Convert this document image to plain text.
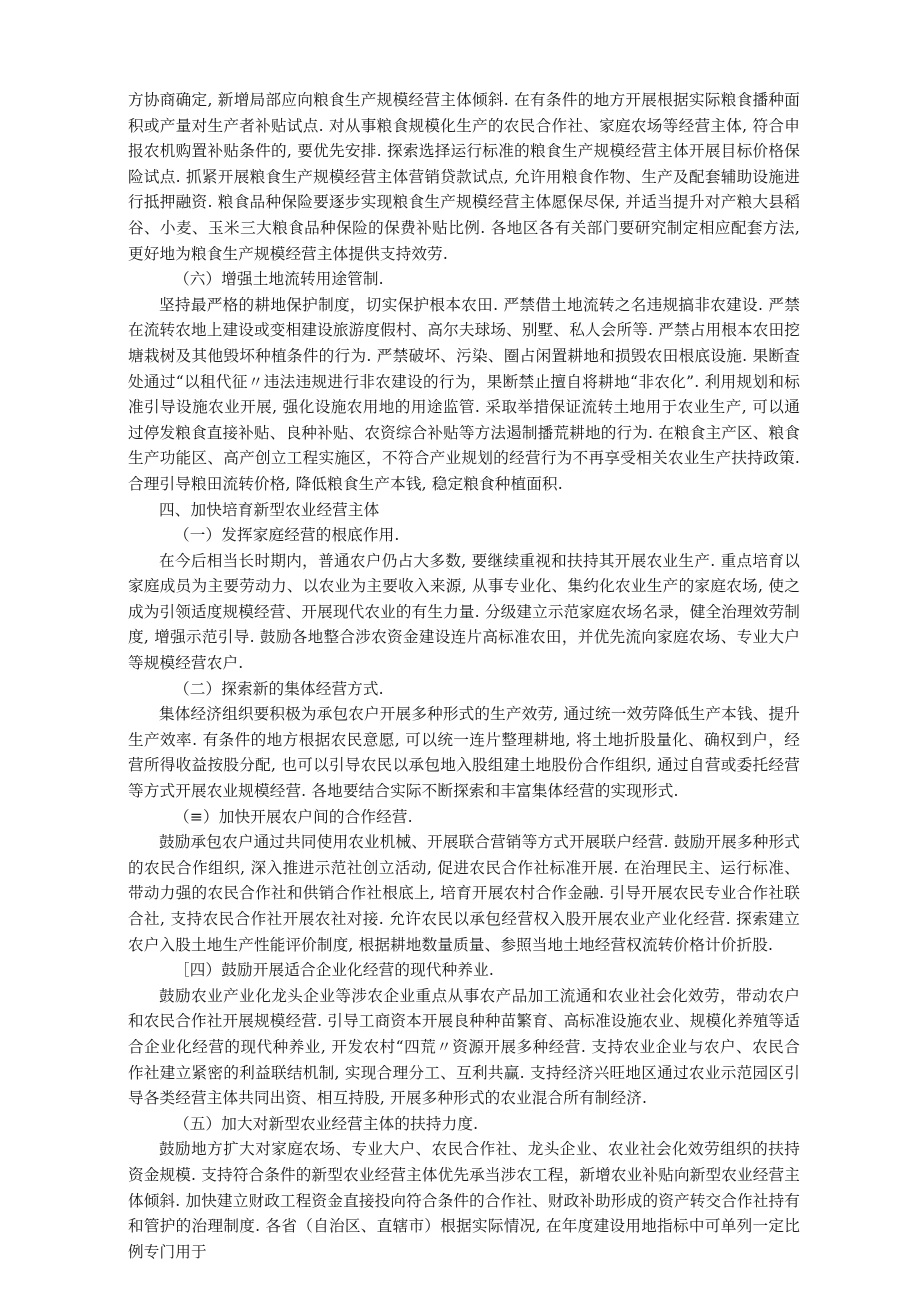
方协商确定, 新增局部应向粮食生产规模经营主体倾斜. 在有条件的地方开展根据实际粮食播种面积或产量对生产者补贴试点. 对从事粮食规模化生产的农民合作社、家庭农场等经营主体, 符合申报农机购置补贴条件的, 要优先安排. 探索选择运行标准的粮食生产规模经营主体开展目标价格保险试点. 抓紧开展粮食生产规模经营主体营销贷款试点, 允许用粮食作物、生产及配套辅助设施进行抵押融资. 粮食品种保险要逐步实现粮食生产规模经营主体愿保尽保, 并适当提升对产粮大县稻谷、小麦、玉米三大粮食品种保险的保费补贴比例. 各地区各有关部门要研究制定相应配套方法, 更好地为粮食生产规模经营主体提供支持效劳.

（六）增强土地流转用途管制.

坚持最严格的耕地保护制度，切实保护根本农田. 严禁借土地流转之名违规搞非农建设. 严禁在流转农地上建设或变相建设旅游度假村、高尔夫球场、别墅、私人会所等. 严禁占用根本农田挖塘栽树及其他毁坏种植条件的行为. 严禁破坏、污染、圈占闲置耕地和损毁农田根底设施. 果断查处通过“以租代征〃违法违规进行非农建设的行为，果断禁止擅自将耕地“非农化”. 利用规划和标准引导设施农业开展, 强化设施农用地的用途监管. 采取举措保证流转土地用于农业生产, 可以通过停发粮食直接补贴、良种补贴、农资综合补贴等方法遏制播荒耕地的行为. 在粮食主产区、粮食生产功能区、高产创立工程实施区，不符合产业规划的经营行为不再享受相关农业生产扶持政策. 合理引导粮田流转价格, 降低粮食生产本钱, 稳定粮食种植面积.

四、加快培育新型农业经营主体

（一）发挥家庭经营的根底作用.

在今后相当长时期内，普通农户仍占大多数, 要继续重视和扶持其开展农业生产. 重点培育以家庭成员为主要劳动力、以农业为主要收入来源, 从事专业化、集约化农业生产的家庭农场, 使之成为引领适度规模经营、开展现代农业的有生力量. 分级建立示范家庭农场名录，健全治理效劳制度, 增强示范引导. 鼓励各地整合涉农资金建设连片高标准农田，并优先流向家庭农场、专业大户等规模经营农户.

（二）探索新的集体经营方式.

集体经济组织要积极为承包农户开展多种形式的生产效劳, 通过统一效劳降低生产本钱、提升生产效率. 有条件的地方根据农民意愿, 可以统一连片整理耕地, 将土地折股量化、确权到户，经营所得收益按股分配, 也可以引导农民以承包地入股组建土地股份合作组织, 通过自营或委托经营等方式开展农业规模经营. 各地要结合实际不断探索和丰富集体经营的实现形式.

（≡）加快开展农户间的合作经营.

鼓励承包农户通过共同使用农业机械、开展联合营销等方式开展联户经营. 鼓励开展多种形式的农民合作组织, 深入推进示范社创立活动, 促进农民合作社标准开展. 在治理民主、运行标准、带动力强的农民合作社和供销合作社根底上, 培育开展农村合作金融. 引导开展农民专业合作社联合社, 支持农民合作社开展农社对接. 允许农民以承包经营权入股开展农业产业化经营. 探索建立农户入股土地生产性能评价制度, 根据耕地数量质量、参照当地土地经营权流转价格计价折股.

［四）鼓励开展适合企业化经营的现代种养业.

鼓励农业产业化龙头企业等涉农企业重点从事农产品加工流通和农业社会化效劳，带动农户和农民合作社开展规模经营. 引导工商资本开展良种种苗繁育、高标准设施农业、规模化养殖等适合企业化经营的现代种养业, 开发农村“四荒〃资源开展多种经营. 支持农业企业与农户、农民合作社建立紧密的利益联结机制, 实现合理分工、互利共赢. 支持经济兴旺地区通过农业示范园区引导各类经营主体共同出资、相互持股, 开展多种形式的农业混合所有制经济.

（五）加大对新型农业经营主体的扶持力度.

鼓励地方扩大对家庭农场、专业大户、农民合作社、龙头企业、农业社会化效劳组织的扶持资金规模. 支持符合条件的新型农业经营主体优先承当涉农工程，新增农业补贴向新型农业经营主体倾斜. 加快建立财政工程资金直接投向符合条件的合作社、财政补助形成的资产转交合作社持有和管护的治理制度. 各省（自治区、直辖市）根据实际情况, 在年度建设用地指标中可单列一定比例专门用于
